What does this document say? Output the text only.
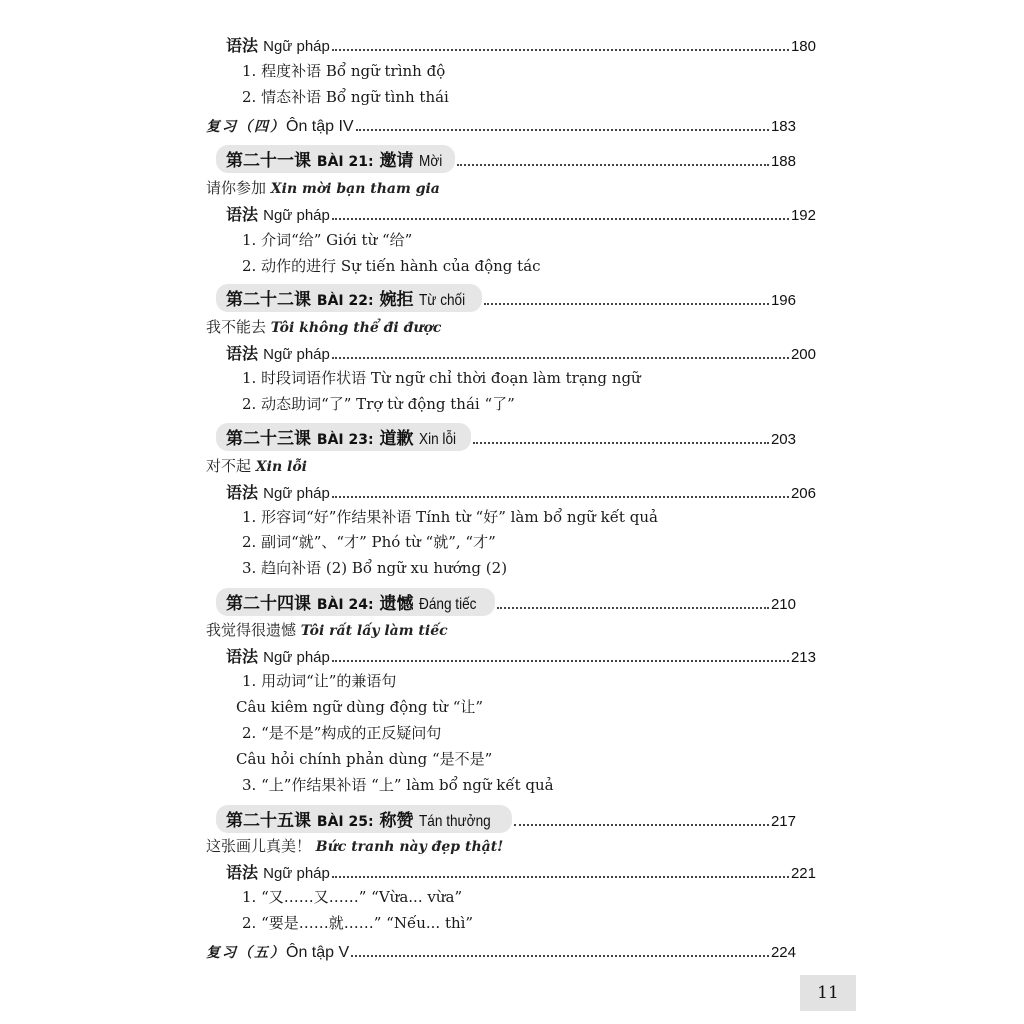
语法
Ngữ pháp	180
1. 程度补语 Bổ ngữ trình độ
2. 情态补语 Bổ ngữ tình thái
复习（四） Ôn tập IV	183
第二十一课 BÀI 21: 邀请 Mời	188
请你参加
Xin mời bạn tham gia
语法
Ngữ pháp	192
1. 介词“给” Giới từ “给”
2. 动作的进行 Sự tiến hành của động tác
第二十二课 BÀI 22: 婉拒 Từ chối	196
我不能去
Tôi không thể đi được
语法
Ngữ pháp	200
1. 时段词语作状语 Từ ngữ chỉ thời đoạn làm trạng ngữ
2. 动态助词“了” Trợ từ động thái “了”
第二十三课 BÀI 23: 道歉 Xin lỗi	203
对不起
Xin lỗi
语法
Ngữ pháp	206
1. 形容词“好”作结果补语 Tính từ “好” làm bổ ngữ kết quả
2. 副词“就”、“才” Phó từ “就”, “才”
3. 趋向补语 (2) Bổ ngữ xu hướng (2)
第二十四课 BÀI 24: 遗憾 Đáng tiếc	210
我觉得很遗憾
Tôi rất lấy làm tiếc
语法
Ngữ pháp	213
1. 用动词“让”的兼语句
Câu kiêm ngữ dùng động từ “让”
2. “是不是”构成的正反疑问句
Câu hỏi chính phản dùng “是不是”
3. “上”作结果补语 “上” làm bổ ngữ kết quả
第二十五课 BÀI 25: 称赞 Tán thưởng	217
这张画儿真美！
Bức tranh này đẹp thật!
语法
Ngữ pháp	221
1. “又……又……” “Vừa... vừa”
2. “要是……就……” “Nếu... thì”
复习（五） Ôn tập V	224
11
